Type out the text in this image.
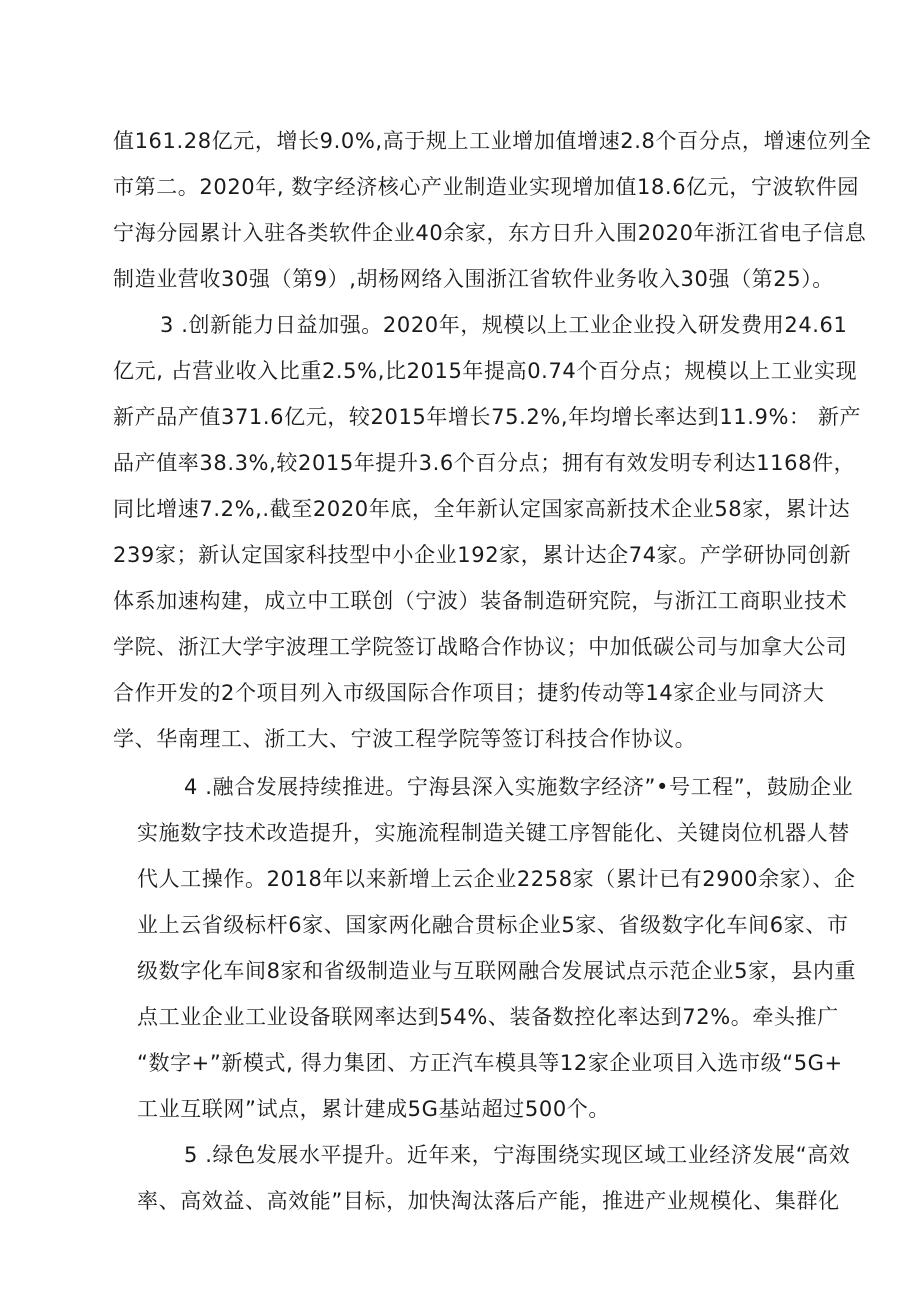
值161.28亿元，增长9.0%,高于规上工业增加值增速2.8个百分点，增速位列全
市第二。2020年, 数字经济核心产业制造业实现增加值18.6亿元，宁波软件园
宁海分园累计入驻各类软件企业40余家，东方日升入围2020年浙江省电子信息
制造业营收30强（第9）,胡杨网络入围浙江省软件业务收入30强（第25）。
3 .创新能力日益加强。2020年，规模以上工业企业投入研发费用24.61
亿元, 占营业收入比重2.5%,比2015年提高0.74个百分点；规模以上工业实现
新产品产值371.6亿元，较2015年增长75.2%,年均增长率达到11.9%： 新产
品产值率38.3%,较2015年提升3.6个百分点；拥有有效发明专利达1168件，
同比增速7.2%,.截至2020年底，全年新认定国家高新技术企业58家，累计达
239家；新认定国家科技型中小企业192家，累计达企74家。产学研协同创新
体系加速构建，成立中工联创（宁波）装备制造研究院，与浙江工商职业技术
学院、浙江大学宇波理工学院签订战略合作协议；中加低碳公司与加拿大公司
合作开发的2个项目列入市级国际合作项目；捷豹传动等14家企业与同济大
学、华南理工、浙工大、宁波工程学院等签订科技合作协议。
4 .融合发展持续推进。宁海县深入实施数字经济”•号工程”，鼓励企业
实施数字技术改造提升，实施流程制造关键工序智能化、关键岗位机器人替
代人工操作。2018年以来新增上云企业2258家（累计已有2900余家）、企
业上云省级标杆6家、国家两化融合贯标企业5家、省级数字化车间6家、市
级数字化车间8家和省级制造业与互联网融合发展试点示范企业5家，县内重
点工业企业工业设备联网率达到54%、装备数控化率达到72%。牵头推广
“数字+”新模式, 得力集团、方正汽车模具等12家企业项目入选市级“5G+
工业互联网”试点，累计建成5G基站超过500个。
5 .绿色发展水平提升。近年来，宁海围绕实现区域工业经济发展“高效
率、高效益、高效能”目标，加快淘汰落后产能，推进产业规模化、集群化
